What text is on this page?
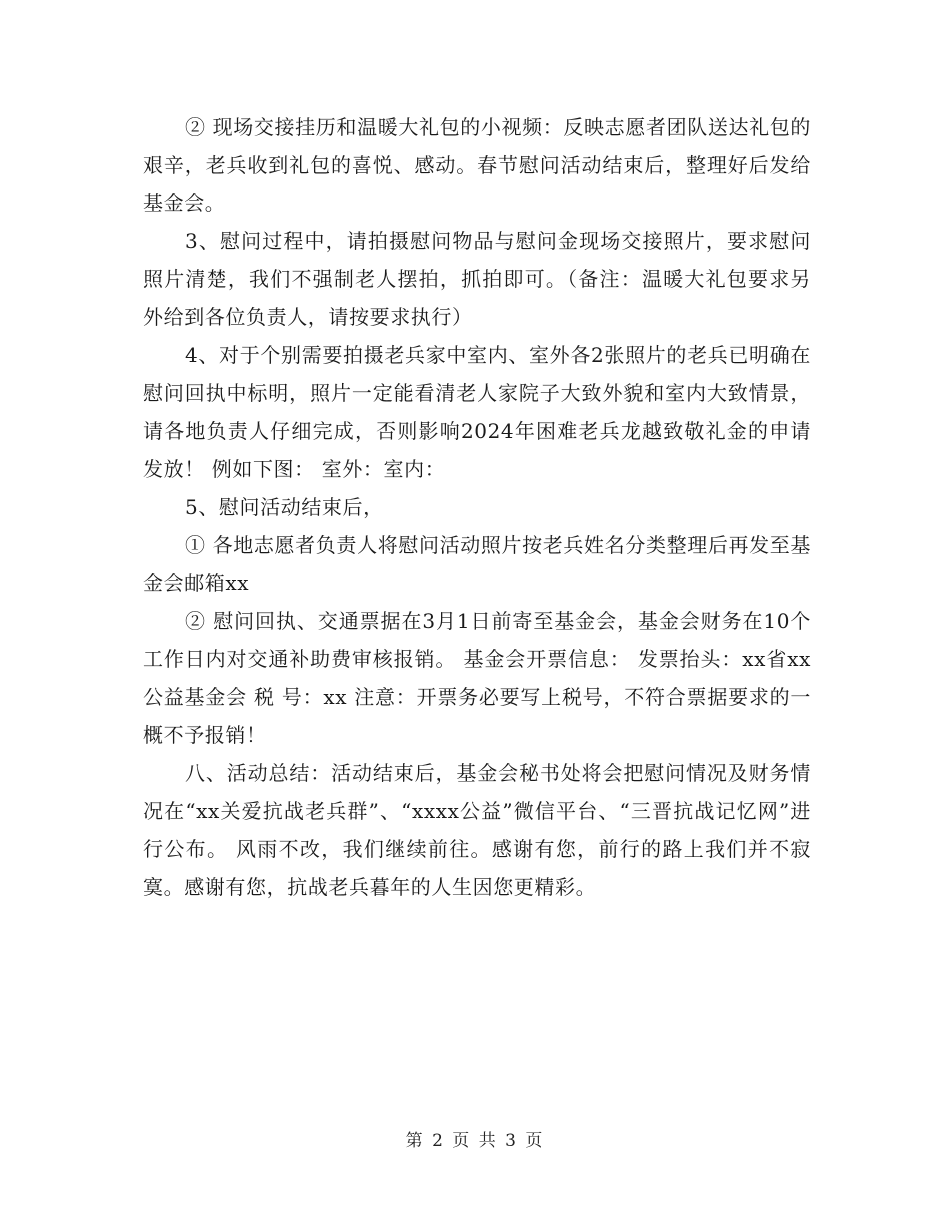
② 现场交接挂历和温暖大礼包的小视频：反映志愿者团队送达礼包的艰辛，老兵收到礼包的喜悦、感动。春节慰问活动结束后，整理好后发给基金会。

3、慰问过程中，请拍摄慰问物品与慰问金现场交接照片，要求慰问照片清楚，我们不强制老人摆拍，抓拍即可。（备注：温暖大礼包要求另外给到各位负责人，请按要求执行）

4、对于个别需要拍摄老兵家中室内、室外各2张照片的老兵已明确在慰问回执中标明，照片一定能看清老人家院子大致外貌和室内大致情景，请各地负责人仔细完成，否则影响2024年困难老兵龙越致敬礼金的申请发放！ 例如下图： 室外：室内：

5、慰问活动结束后，

① 各地志愿者负责人将慰问活动照片按老兵姓名分类整理后再发至基金会邮箱xx

② 慰问回执、交通票据在3月1日前寄至基金会，基金会财务在10个工作日内对交通补助费审核报销。 基金会开票信息： 发票抬头：xx省xx公益基金会 税 号：xx 注意：开票务必要写上税号，不符合票据要求的一概不予报销！

八、活动总结：活动结束后，基金会秘书处将会把慰问情况及财务情况在“xx关爱抗战老兵群”、“xxxx公益”微信平台、“三晋抗战记忆网”进行公布。 风雨不改，我们继续前往。感谢有您，前行的路上我们并不寂寞。感谢有您，抗战老兵暮年的人生因您更精彩。

第 2 页 共 3 页
